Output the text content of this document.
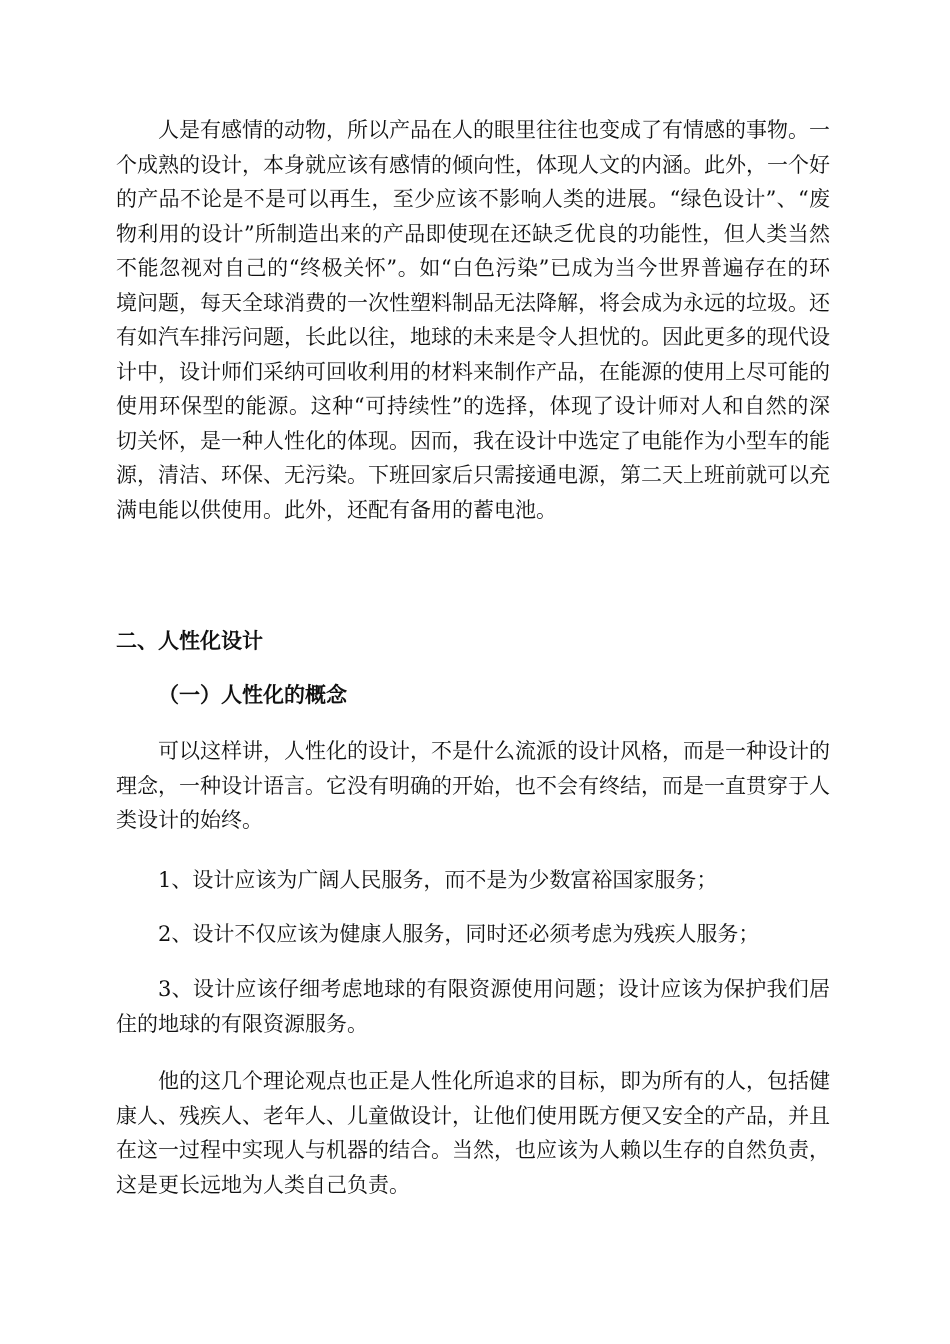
人是有感情的动物，所以产品在人的眼里往往也变成了有情感的事物。一个成熟的设计，本身就应该有感情的倾向性，体现人文的内涵。此外，一个好的产品不论是不是可以再生，至少应该不影响人类的进展。“绿色设计”、“废物利用的设计”所制造出来的产品即使现在还缺乏优良的功能性，但人类当然不能忽视对自己的“终极关怀”。如“白色污染”已成为当今世界普遍存在的环境问题，每天全球消费的一次性塑料制品无法降解，将会成为永远的垃圾。还有如汽车排污问题，长此以往，地球的未来是令人担忧的。因此更多的现代设计中，设计师们采纳可回收利用的材料来制作产品，在能源的使用上尽可能的使用环保型的能源。这种“可持续性”的选择，体现了设计师对人和自然的深切关怀，是一种人性化的体现。因而，我在设计中选定了电能作为小型车的能源，清洁、环保、无污染。下班回家后只需接通电源，第二天上班前就可以充满电能以供使用。此外，还配有备用的蓄电池。

二、人性化设计
（一）人性化的概念

可以这样讲，人性化的设计，不是什么流派的设计风格，而是一种设计的理念，一种设计语言。它没有明确的开始，也不会有终结，而是一直贯穿于人类设计的始终。

1、设计应该为广阔人民服务，而不是为少数富裕国家服务；

2、设计不仅应该为健康人服务，同时还必须考虑为残疾人服务；

3、设计应该仔细考虑地球的有限资源使用问题；设计应该为保护我们居住的地球的有限资源服务。

他的这几个理论观点也正是人性化所追求的目标，即为所有的人，包括健康人、残疾人、老年人、儿童做设计，让他们使用既方便又安全的产品，并且在这一过程中实现人与机器的结合。当然，也应该为人赖以生存的自然负责，这是更长远地为人类自己负责。
